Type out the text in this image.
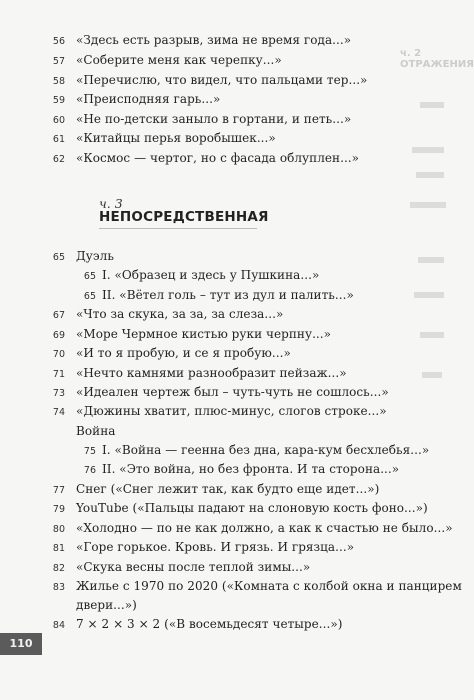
ч. 2 ОТРАЖЕНИЯ
56 «Здесь есть разрыв, зима не время года...»
57 «Соберите меня как черепку...»
58 «Перечислю, что видел, что пальцами тер...»
59 «Преисподняя гарь...»
60 «Не по-детски заныло в гортани, и петь...»
61 «Китайцы перья воробышек...»
62 «Космос — чертог, но с фасада облуплен...»
ч. 3
НЕПОСРЕДСТВЕННАЯ
65 Дуэль
65 I. «Образец и здесь у Пушкина...»
65 II. «Вётел голь – тут из дул и палить...»
67 «Что за скука, за за, за слеза...»
69 «Море Чермное кистью руки черпну...»
70 «И то я пробую, и се я пробую...»
71 «Нечто камнями разнообразит пейзаж...»
73 «Идеален чертеж был – чуть-чуть не сошлось...»
74 «Дюжины хватит, плюс-минус, слогов строке...»
Война
75 I. «Война — геенна без дна, кара-кум бесхлебья...»
76 II. «Это война, но без фронта. И та сторона...»
77 Снег («Снег лежит так, как будто еще идет...»)
79 YouTube («Пальцы падают на слоновую кость фоно...»)
80 «Холодно — по не как должно, а как к счастью не было...»
81 «Горе горькое. Кровь. И грязь. И грязца...»
82 «Скука весны после теплой зимы...»
83 Жилье с 1970 по 2020 («Комната с колбой окна и панцирем
двери...»)
84 7 × 2 × 3 × 2 («В восемьдесят четыре...»)
110
